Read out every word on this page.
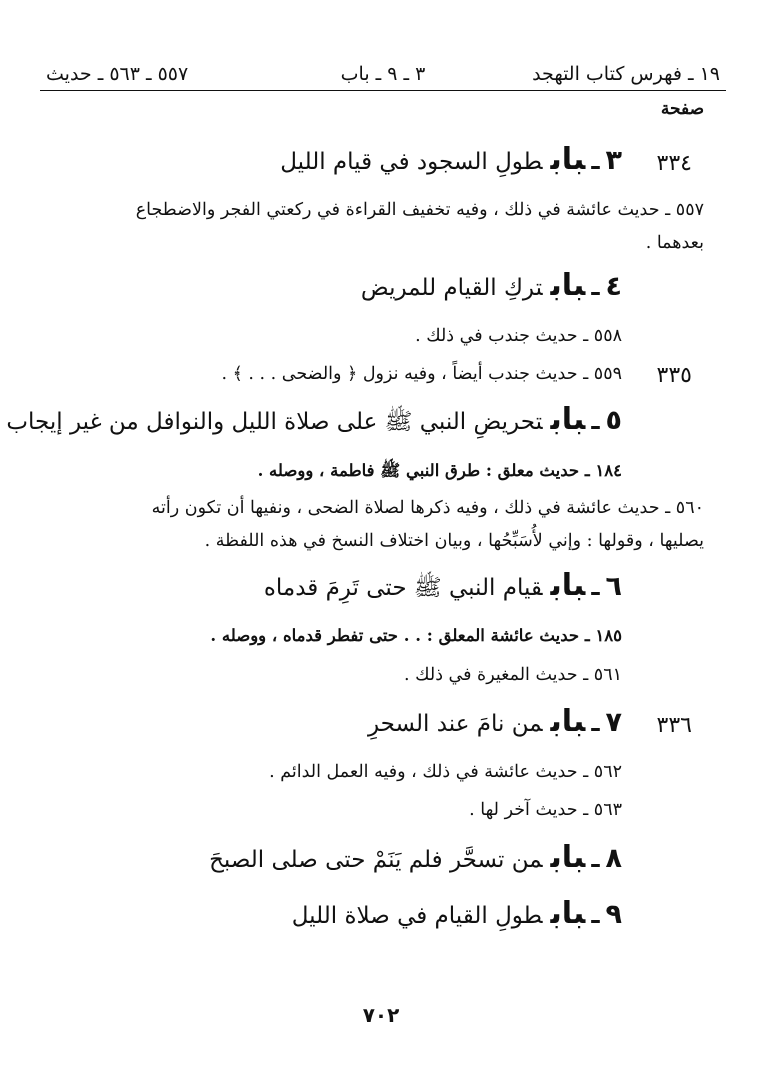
١٩ ـ فهرس كتاب التهجد
٣ ـ ٩ ـ باب
٥٥٧ ـ ٥٦٣ ـ حديث
صفحة
٣٣٤
٣ـبابطولِ السجود في قيام الليل
٥٥٧ ـ حديث عائشة في ذلك ، وفيه تخفيف القراءة في ركعتي الفجر والاضطجاع
بعدهما .
٤ـبابتركِ القيام للمريض
٥٥٨ ـ حديث جندب في ذلك .
٣٣٥
٥٥٩ ـ حديث جندب أيضاً ، وفيه نزول ﴿ والضحى . . . ﴾ .
٥ـبابتحريضِ النبي ﷺ على صلاة الليل والنوافل من غير إيجاب
١٨٤ ـ حديث معلق : طرق النبي ﷺ فاطمة ، ووصله .
٥٦٠ ـ حديث عائشة في ذلك ، وفيه ذكرها لصلاة الضحى ، ونفيها أن تكون رأته
يصليها ، وقولها : وإني لأُسَبِّحُها ، وبيان اختلاف النسخ في هذه اللفظة .
٦ـبابقيام النبي ﷺ حتى تَرِمَ قدماه
١٨٥ ـ حديث عائشة المعلق : . . حتى تفطر قدماه ، ووصله .
٥٦١ ـ حديث المغيرة في ذلك .
٣٣٦
٧ـبابمن نامَ عند السحرِ
٥٦٢ ـ حديث عائشة في ذلك ، وفيه العمل الدائم .
٥٦٣ ـ حديث آخر لها .
٨ـبابمن تسحَّر فلم يَنَمْ حتى صلى الصبحَ
٩ـبابطولِ القيام في صلاة الليل
٧٠٢
